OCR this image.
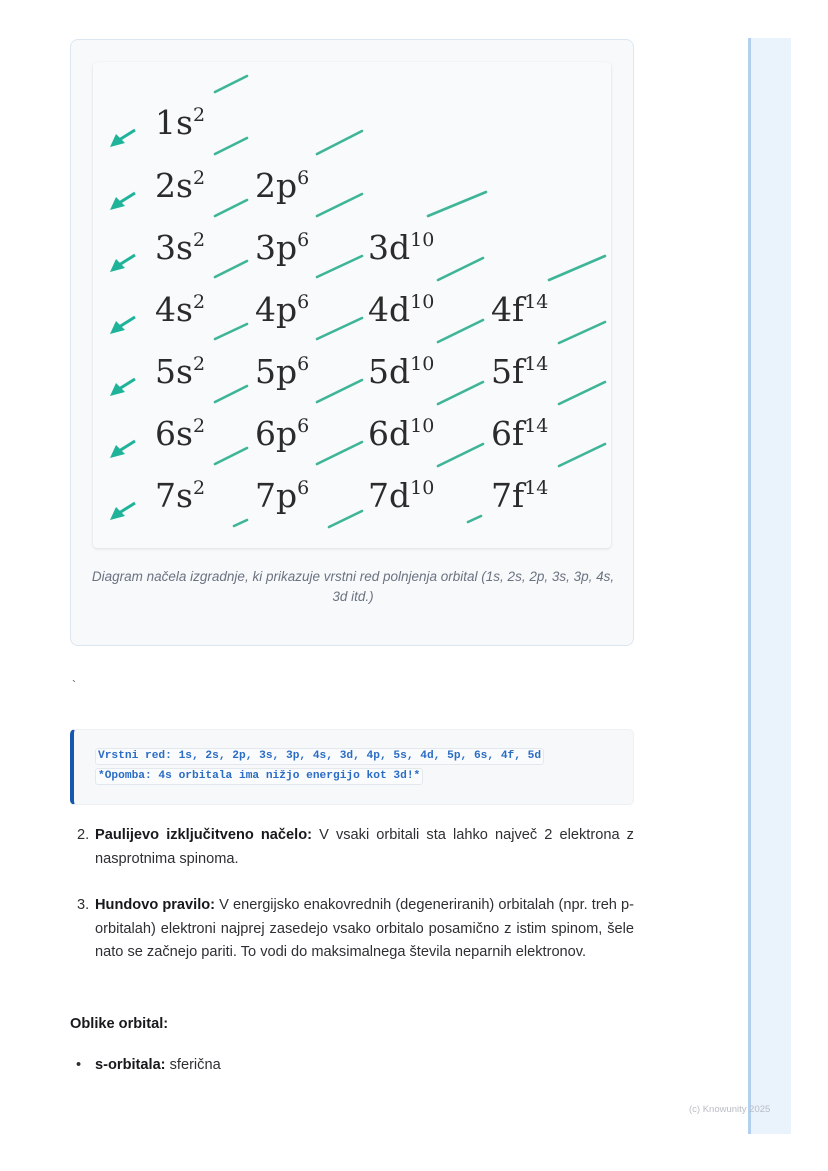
$1s^2$
$2s^2$ $2p^6$
$3s^2$ $3p^6$ $3d^{10}$
$4s^2$ $4p^6$ $4d^{10}$ $4f^{14}$
$5s^2$ $5p^6$ $5d^{10}$ $5f^{14}$
$6s^2$ $6p^6$ $6d^{10}$ $6f^{14}$
$7s^2$ $7p^6$ $7d^{10}$ $7f^{14}$
Diagram načela izgradnje, ki prikazuje vrstni red polnjenja orbital (1s, 2s, 2p, 3s, 3p, 4s, 3d itd.)
`
Vrstni red: 1s, 2s, 2p, 3s, 3p, 4s, 3d, 4p, 5s, 4d, 5p, 6s, 4f, 5d
*Opomba: 4s orbitala ima nižjo energijo kot 3d!*
2. Paulijevo izključitveno načelo: V vsaki orbitali sta lahko največ 2 elektrona z nasprotnima spinoma.
3. Hundovo pravilo: V energijsko enakovrednih (degeneriranih) orbitalah (npr. treh p-orbitalah) elektroni najprej zasedejo vsako orbitalo posamično z istim spinom, šele nato se začnejo pariti. To vodi do maksimalnega števila neparnih elektronov.
Oblike orbital:
• s-orbitala: sferična
(c) Knowunity 2025
